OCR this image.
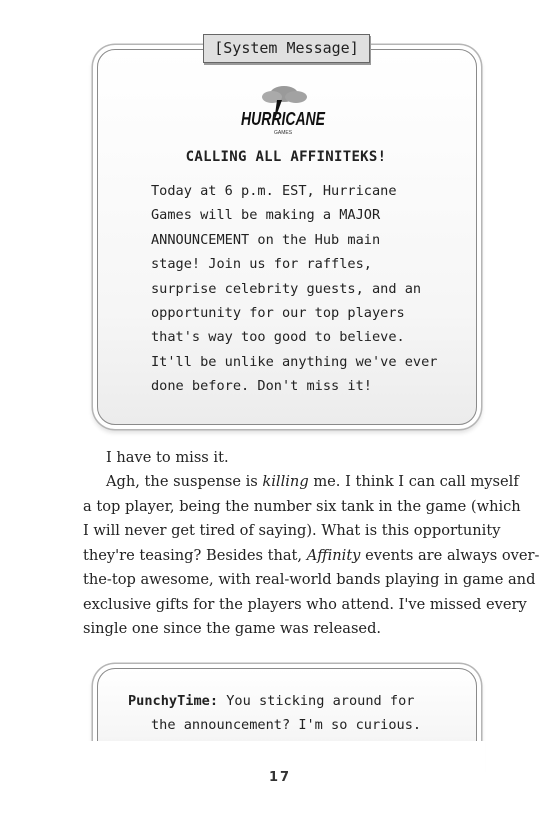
[System Message]
HURRICANE
GAMES
CALLING ALL AFFINITEKS!
Today at 6 p.m. EST, Hurricane
Games will be making a MAJOR
ANNOUNCEMENT on the Hub main
stage! Join us for raffles,
surprise celebrity guests, and an
opportunity for our top players
that's way too good to believe.
It'll be unlike anything we've ever
done before. Don't miss it!
I have to miss it.
Agh, the suspense is killing me. I think I can call myself
a top player, being the number six tank in the game (which
I will never get tired of saying). What is this opportunity
they're teasing? Besides that, Affinity events are always over-
the-top awesome, with real-world bands playing in game and
exclusive gifts for the players who attend. I've missed every
single one since the game was released.
PunchyTime: You sticking around for
the announcement? I'm so curious.
17
